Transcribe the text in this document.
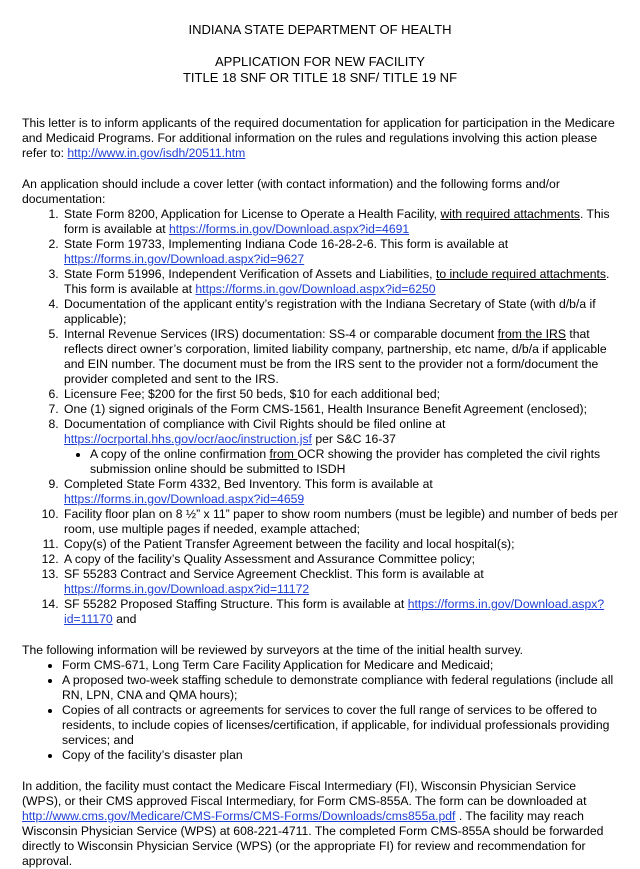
INDIANA STATE DEPARTMENT OF HEALTH
APPLICATION FOR NEW FACILITY
TITLE 18 SNF OR TITLE 18 SNF/ TITLE 19 NF

This letter is to inform applicants of the required documentation for application for participation in the Medicare and Medicaid Programs. For additional information on the rules and regulations involving this action please refer to: http://www.in.gov/isdh/20511.htm

An application should include a cover letter (with contact information) and the following forms and/or documentation:

1. State Form 8200, Application for License to Operate a Health Facility, with required attachments. This form is available at https://forms.in.gov/Download.aspx?id=4691
2. State Form 19733, Implementing Indiana Code 16-28-2-6. This form is available at https://forms.in.gov/Download.aspx?id=9627
3. State Form 51996, Independent Verification of Assets and Liabilities, to include required attachments. This form is available at https://forms.in.gov/Download.aspx?id=6250
4. Documentation of the applicant entity’s registration with the Indiana Secretary of State (with d/b/a if applicable);
5. Internal Revenue Services (IRS) documentation: SS-4 or comparable document from the IRS that reflects direct owner’s corporation, limited liability company, partnership, etc name, d/b/a if applicable and EIN number. The document must be from the IRS sent to the provider not a form/document the provider completed and sent to the IRS.
6. Licensure Fee; $200 for the first 50 beds, $10 for each additional bed;
7. One (1) signed originals of the Form CMS-1561, Health Insurance Benefit Agreement (enclosed);
8. Documentation of compliance with Civil Rights should be filed online at https://ocrportal.hhs.gov/ocr/aoc/instruction.jsf per S&C 16-37
• A copy of the online confirmation from OCR showing the provider has completed the civil rights submission online should be submitted to ISDH
9. Completed State Form 4332, Bed Inventory. This form is available at https://forms.in.gov/Download.aspx?id=4659
10. Facility floor plan on 8 ½” x 11” paper to show room numbers (must be legible) and number of beds per room, use multiple pages if needed, example attached;
11. Copy(s) of the Patient Transfer Agreement between the facility and local hospital(s);
12. A copy of the facility’s Quality Assessment and Assurance Committee policy;
13. SF 55283 Contract and Service Agreement Checklist. This form is available at https://forms.in.gov/Download.aspx?id=11172
14. SF 55282 Proposed Staffing Structure. This form is available at https://forms.in.gov/Download.aspx?id=11170 and

The following information will be reviewed by surveyors at the time of the initial health survey.

• Form CMS-671, Long Term Care Facility Application for Medicare and Medicaid;
• A proposed two-week staffing schedule to demonstrate compliance with federal regulations (include all RN, LPN, CNA and QMA hours);
• Copies of all contracts or agreements for services to cover the full range of services to be offered to residents, to include copies of licenses/certification, if applicable, for individual professionals providing services; and
• Copy of the facility’s disaster plan

In addition, the facility must contact the Medicare Fiscal Intermediary (FI), Wisconsin Physician Service (WPS), or their CMS approved Fiscal Intermediary, for Form CMS-855A. The form can be downloaded at http://www.cms.gov/Medicare/CMS-Forms/CMS-Forms/Downloads/cms855a.pdf . The facility may reach Wisconsin Physician Service (WPS) at 608-221-4711. The completed Form CMS-855A should be forwarded directly to Wisconsin Physician Service (WPS) (or the appropriate FI) for review and recommendation for approval.
